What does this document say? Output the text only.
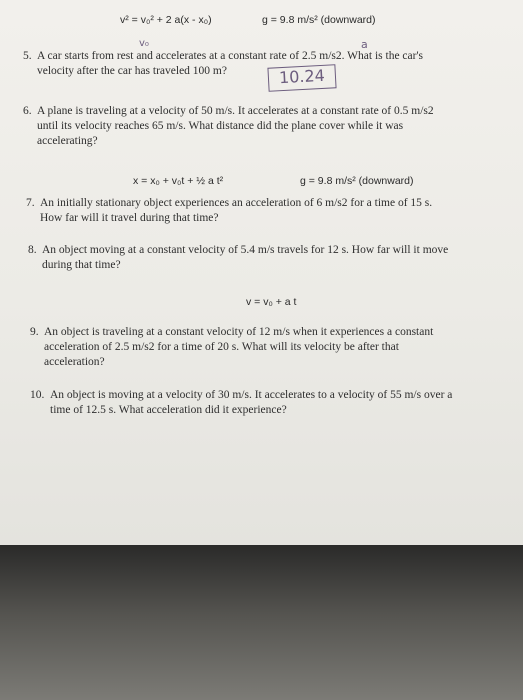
v² = v₀² + 2 a(x - x₀)	g = 9.8 m/s² (downward)
v₀	a
5. A car starts from rest and accelerates at a constant rate of 2.5 m/s2. What is the car's
velocity after the car has traveled 100 m?	10.24
6. A plane is traveling at a velocity of 50 m/s. It accelerates at a constant rate of 0.5 m/s2
until its velocity reaches 65 m/s. What distance did the plane cover while it was
accelerating?
x = x₀ + v₀t + ½ a t²	g = 9.8 m/s² (downward)
7. An initially stationary object experiences an acceleration of 6 m/s2 for a time of 15 s.
How far will it travel during that time?
8. An object moving at a constant velocity of 5.4 m/s travels for 12 s. How far will it move
during that time?
v = v₀ + a t
9. An object is traveling at a constant velocity of 12 m/s when it experiences a constant
acceleration of 2.5 m/s2 for a time of 20 s. What will its velocity be after that
acceleration?
10. An object is moving at a velocity of 30 m/s. It accelerates to a velocity of 55 m/s over a
time of 12.5 s. What acceleration did it experience?
